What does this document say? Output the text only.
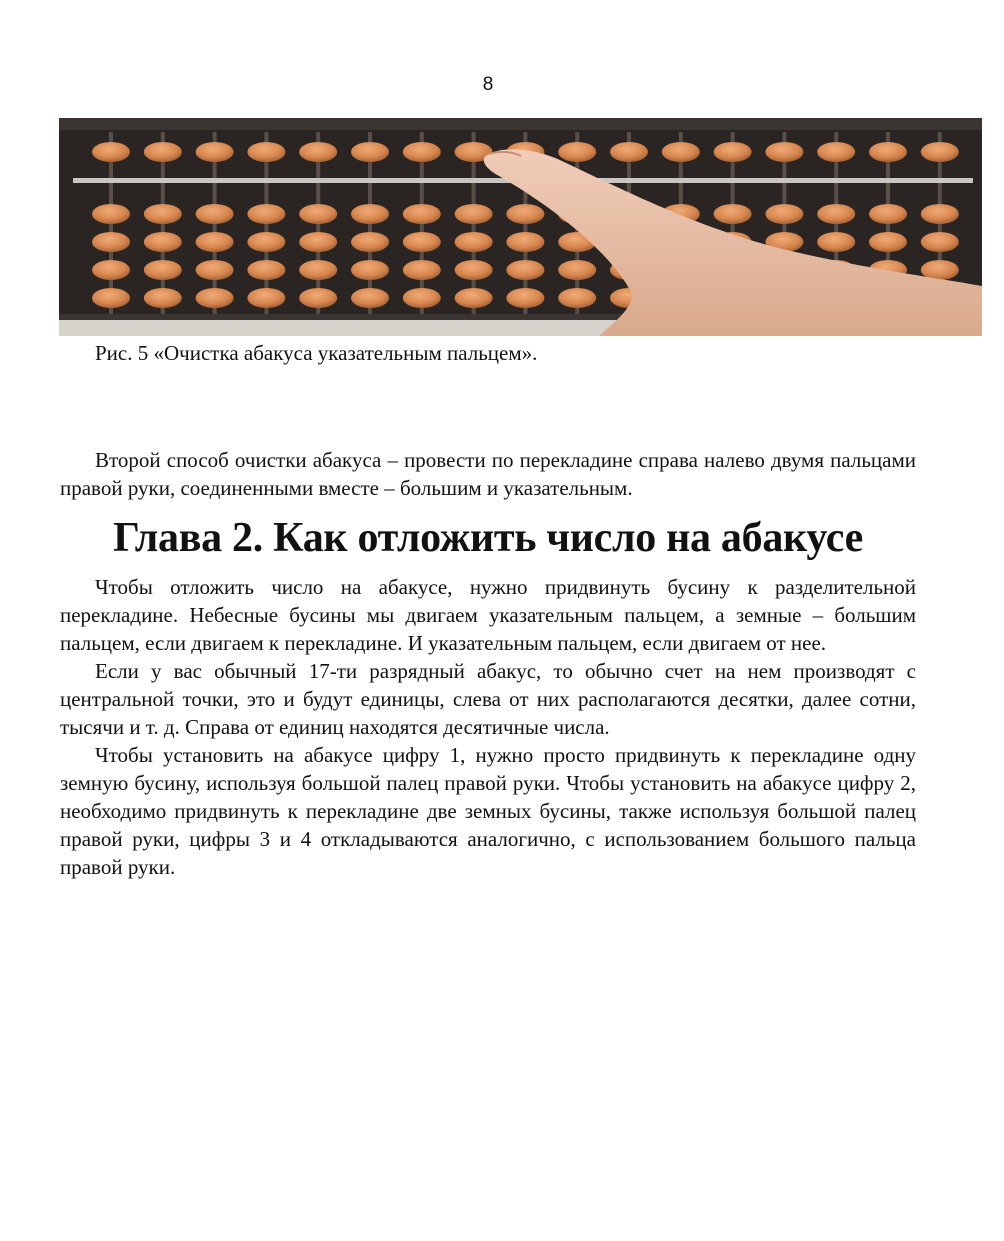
8
Рис. 5 «Очистка абакуса указательным пальцем».

Второй способ очистки абакуса – провести по перекладине справа налево двумя пальцами правой руки, соединенными вместе – большим и указательным.

Глава 2. Как отложить число на абакусе

Чтобы отложить число на абакусе, нужно придвинуть бусину к разделительной перекладине. Небесные бусины мы двигаем указательным пальцем, а земные – большим пальцем, если двигаем к перекладине. И указательным пальцем, если двигаем от нее.

Если у вас обычный 17-ти разрядный абакус, то обычно счет на нем производят с центральной точки, это и будут единицы, слева от них располагаются десятки, далее сотни, тысячи и т. д. Справа от единиц находятся десятичные числа.

Чтобы установить на абакусе цифру 1, нужно просто придвинуть к перекладине одну земную бусину, используя большой палец правой руки. Чтобы установить на абакусе цифру 2, необходимо придвинуть к перекладине две земных бусины, также используя большой палец правой руки, цифры 3 и 4 откладываются аналогично, с использованием большого пальца правой руки.
